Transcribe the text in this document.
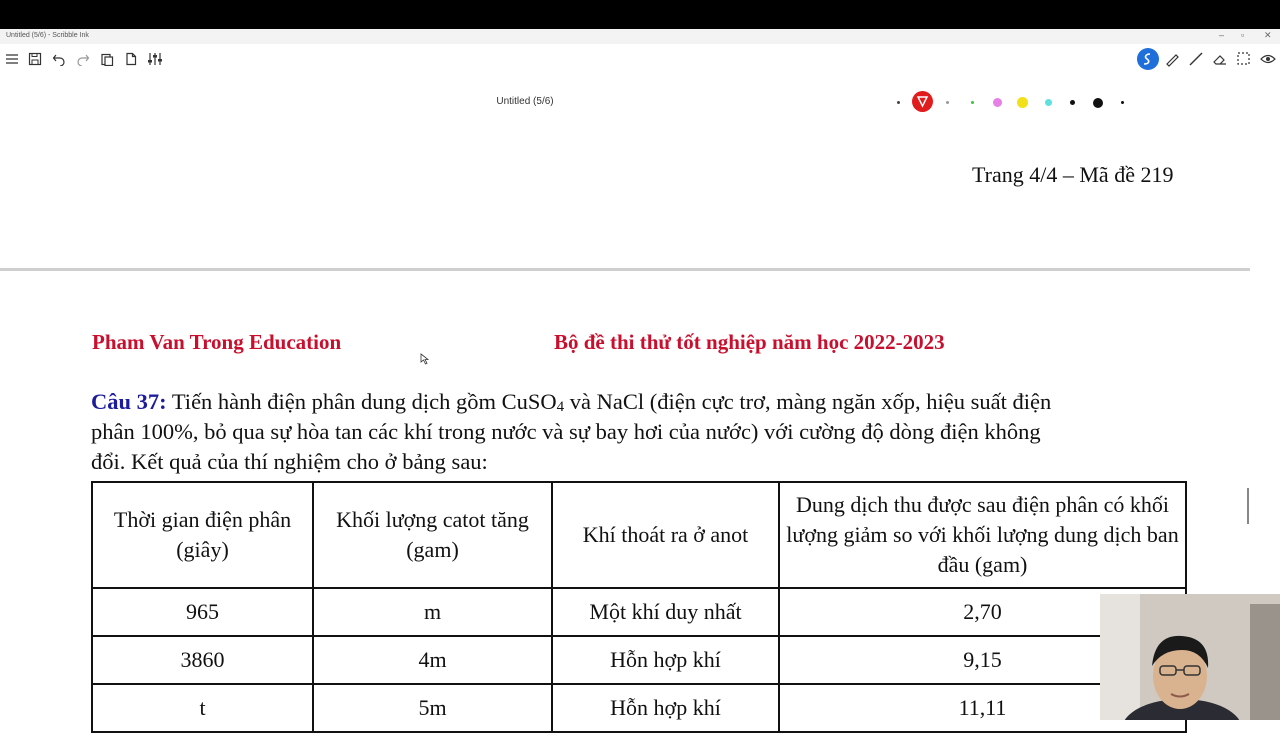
Untitled (5/6) - Scribble Ink	– ▫ ✕
Untitled (5/6)
Trang 4/4 – Mã đề 219
Pham Van Trong Education	Bộ đề thi thử tốt nghiệp năm học 2022-2023
Câu 37: Tiến hành điện phân dung dịch gồm CuSO$_4$ và NaCl (điện cực trơ, màng ngăn xốp, hiệu suất điện
phân 100%, bỏ qua sự hòa tan các khí trong nước và sự bay hơi của nước) với cường độ dòng điện không
đổi. Kết quả của thí nghiệm cho ở bảng sau:
Thời gian điện phân (giây)	Khối lượng catot tăng (gam)	Khí thoát ra ở anot	Dung dịch thu được sau điện phân có khối lượng giảm so với khối lượng dung dịch ban đầu (gam)
965	m	Một khí duy nhất	2,70
3860	4m	Hỗn hợp khí	9,15
t	5m	Hỗn hợp khí	11,11
